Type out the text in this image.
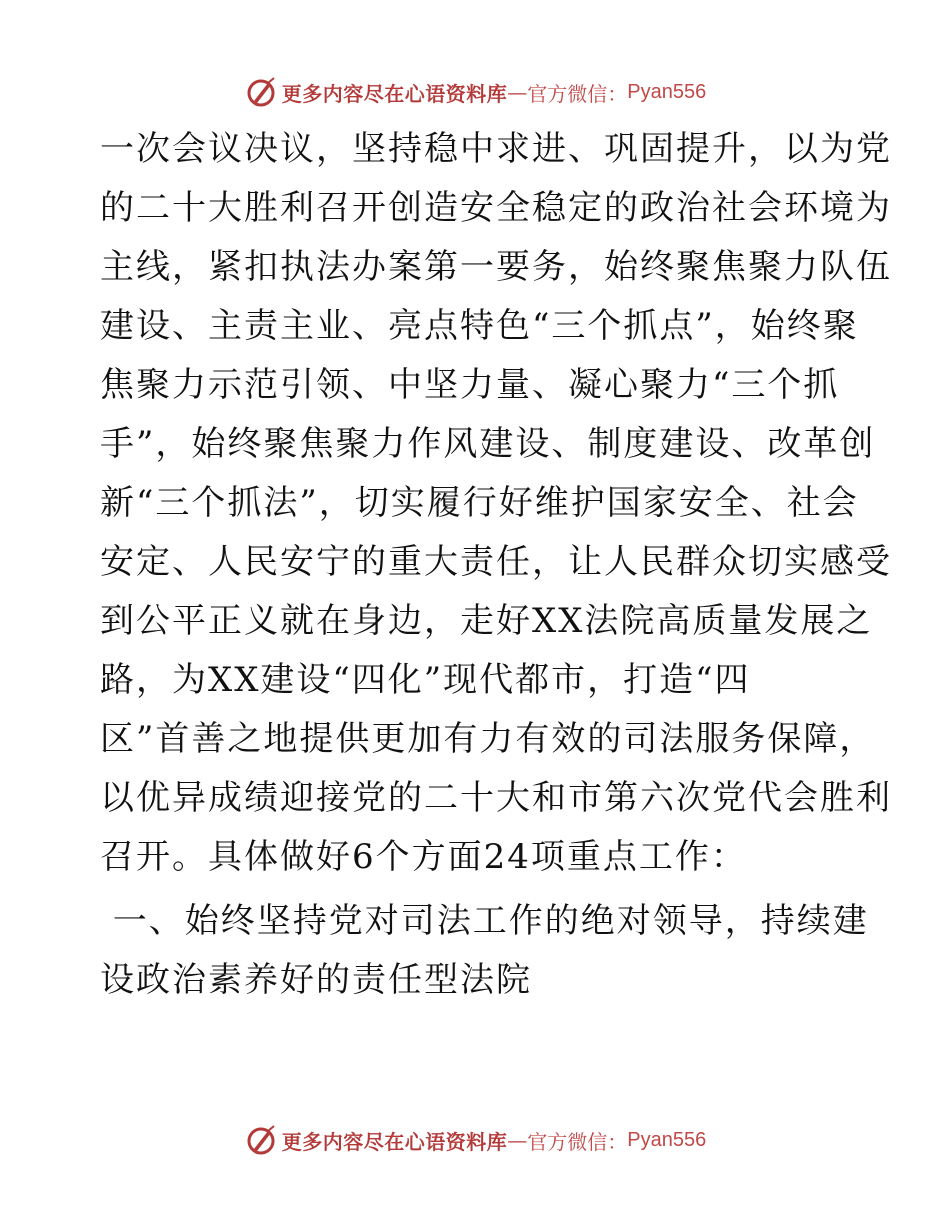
更多内容尽在心语资料库 — 官方微信： Pyan556
一次会议决议，坚持稳中求进、巩固提升，以为党
的二十大胜利召开创造安全稳定的政治社会环境为
主线，紧扣执法办案第一要务，始终聚焦聚力队伍
建设、主责主业、亮点特色“三个抓点”，始终聚
焦聚力示范引领、中坚力量、凝心聚力“三个抓
手”，始终聚焦聚力作风建设、制度建设、改革创
新“三个抓法”，切实履行好维护国家安全、社会
安定、人民安宁的重大责任，让人民群众切实感受
到公平正义就在身边，走好XX法院高质量发展之
路，为XX建设“四化”现代都市，打造“四
区”首善之地提供更加有力有效的司法服务保障，
以优异成绩迎接党的二十大和市第六次党代会胜利
召开。具体做好6个方面24项重点工作：
一、始终坚持党对司法工作的绝对领导，持续建
设政治素养好的责任型法院
更多内容尽在心语资料库 — 官方微信： Pyan556
